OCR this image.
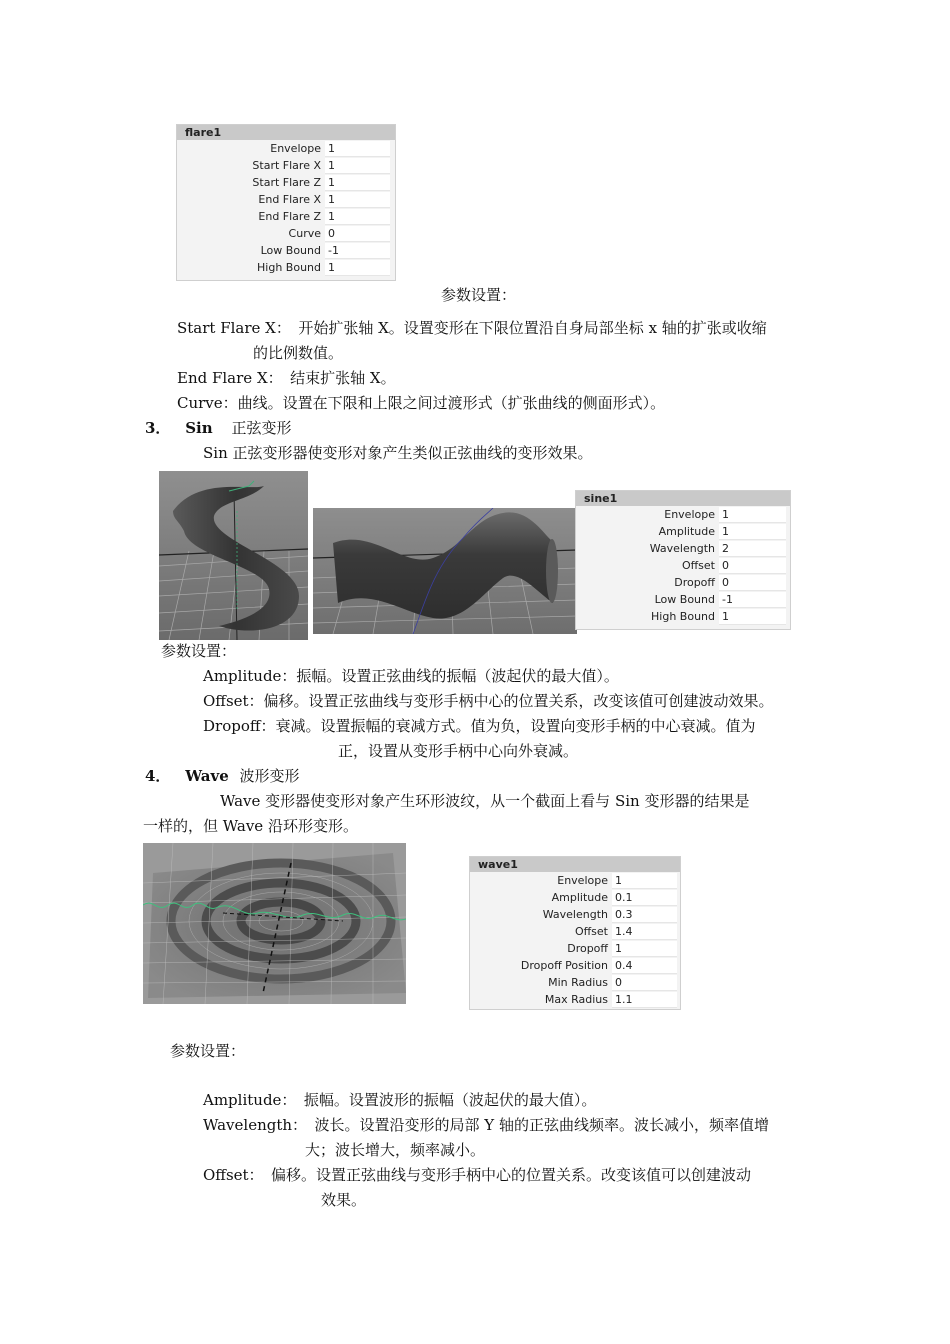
flare1
Envelope 1
Start Flare X 1
Start Flare Z 1
End Flare X 1
End Flare Z 1
Curve 0
Low Bound -1
High Bound 1
参数设置：
Start Flare X：　开始扩张轴 X。设置变形在下限位置沿自身局部坐标 x 轴的扩张或收缩
的比例数值。
End Flare X：　结束扩张轴 X。
Curve：曲线。设置在下限和上限之间过渡形式（扩张曲线的侧面形式）。
3． Sin 正弦变形
Sin 正弦变形器使变形对象产生类似正弦曲线的变形效果。
sine1
Envelope 1
Amplitude 1
Wavelength 2
Offset 0
Dropoff 0
Low Bound -1
High Bound 1
参数设置：
Amplitude：振幅。设置正弦曲线的振幅（波起伏的最大值）。
Offset：偏移。设置正弦曲线与变形手柄中心的位置关系，改变该值可创建波动效果。
Dropoff：衰减。设置振幅的衰减方式。值为负，设置向变形手柄的中心衰减。值为
正，设置从变形手柄中心向外衰减。
4． Wave 波形变形
Wave 变形器使变形对象产生环形波纹，从一个截面上看与 Sin 变形器的结果是
一样的，但 Wave 沿环形变形。
wave1
Envelope 1
Amplitude 0.1
Wavelength 0.3
Offset 1.4
Dropoff 1
Dropoff Position 0.4
Min Radius 0
Max Radius 1.1
参数设置：
Amplitude：　振幅。设置波形的振幅（波起伏的最大值）。
Wavelength：　波长。设置沿变形的局部 Y 轴的正弦曲线频率。波长减小，频率值增
大；波长增大，频率减小。
Offset：　偏移。设置正弦曲线与变形手柄中心的位置关系。改变该值可以创建波动
效果。
